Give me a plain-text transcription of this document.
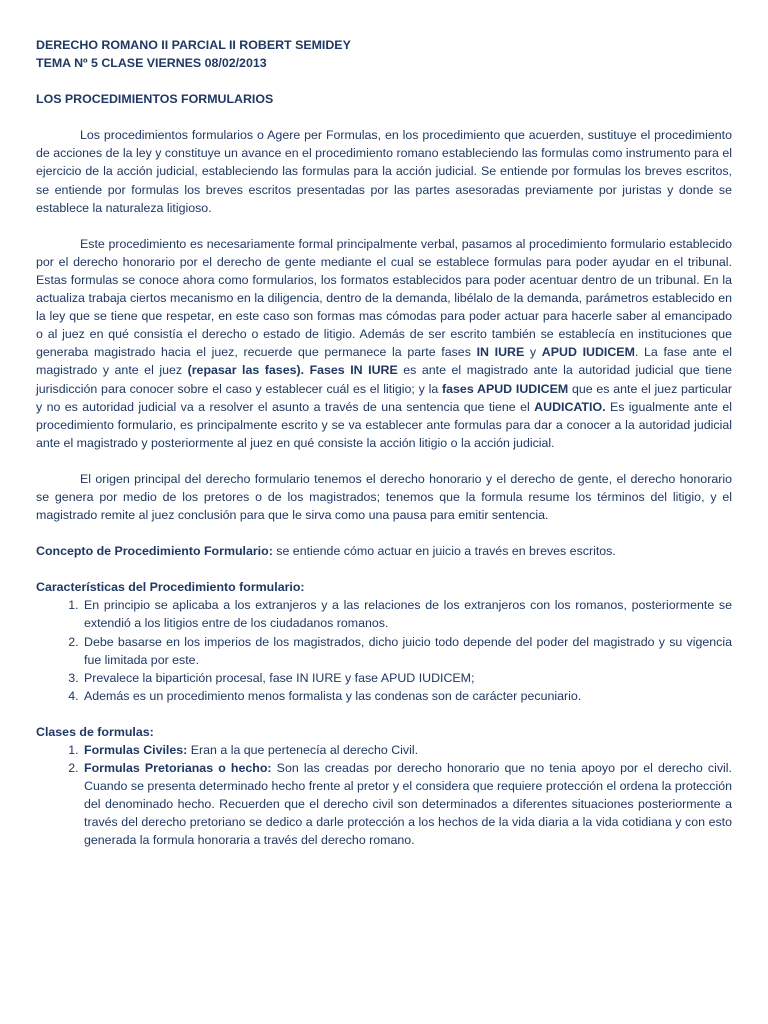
DERECHO ROMANO II PARCIAL II ROBERT SEMIDEY

TEMA Nº 5 CLASE VIERNES 08/02/2013

LOS PROCEDIMIENTOS FORMULARIOS

Los procedimientos formularios o Agere per Formulas, en los procedimiento que acuerden, sustituye el procedimiento de acciones de la ley y constituye un avance en el procedimiento romano estableciendo las formulas como instrumento para el ejercicio de la acción judicial, estableciendo las formulas para la acción judicial. Se entiende por formulas los breves escritos, se entiende por formulas los breves escritos presentadas por las partes asesoradas previamente por juristas y donde se establece la naturaleza litigioso.

Este procedimiento es necesariamente formal principalmente verbal, pasamos al procedimiento formulario establecido por el derecho honorario por el derecho de gente mediante el cual se establece formulas para poder ayudar en el tribunal. Estas formulas se conoce ahora como formularios, los formatos establecidos para poder acentuar dentro de un tribunal. En la actualiza trabaja ciertos mecanismo en la diligencia, dentro de la demanda, libélalo de la demanda, parámetros establecido en la ley que se tiene que respetar, en este caso son formas mas cómodas para poder actuar para hacerle saber al emancipado o al juez en qué consistía el derecho o estado de litigio. Además de ser escrito también se establecía en instituciones que generaba magistrado hacia el juez, recuerde que permanece la parte fases IN IURE y APUD IUDICEM. La fase ante el magistrado y ante el juez (repasar las fases). Fases IN IURE es ante el magistrado ante la autoridad judicial que tiene jurisdicción para conocer sobre el caso y establecer cuál es el litigio; y la fases APUD IUDICEM que es ante el juez particular y no es autoridad judicial va a resolver el asunto a través de una sentencia que tiene el AUDICATIO. Es igualmente ante el procedimiento formulario, es principalmente escrito y se va establecer ante formulas para dar a conocer a la autoridad judicial ante el magistrado y posteriormente al juez en qué consiste la acción litigio o la acción judicial.

El origen principal del derecho formulario tenemos el derecho honorario y el derecho de gente, el derecho honorario se genera por medio de los pretores o de los magistrados; tenemos que la formula resume los términos del litigio, y el magistrado remite al juez conclusión para que le sirva como una pausa para emitir sentencia.

Concepto de Procedimiento Formulario: se entiende cómo actuar en juicio a través en breves escritos.

Características del Procedimiento formulario:

1. En principio se aplicaba a los extranjeros y a las relaciones de los extranjeros con los romanos, posteriormente se extendió a los litigios entre de los ciudadanos romanos.
2. Debe basarse en los imperios de los magistrados, dicho juicio todo depende del poder del magistrado y su vigencia fue limitada por este.
3. Prevalece la bipartición procesal, fase IN IURE y fase APUD IUDICEM;
4. Además es un procedimiento menos formalista y las condenas son de carácter pecuniario.

Clases de formulas:

1. Formulas Civiles: Eran a la que pertenecía al derecho Civil.
2. Formulas Pretorianas o hecho: Son las creadas por derecho honorario que no tenia apoyo por el derecho civil. Cuando se presenta determinado hecho frente al pretor y el considera que requiere protección el ordena la protección del denominado hecho. Recuerden que el derecho civil son determinados a diferentes situaciones posteriormente a través del derecho pretoriano se dedico a darle protección a los hechos de la vida diaria a la vida cotidiana y con esto generada la formula honoraria a través del derecho romano.
